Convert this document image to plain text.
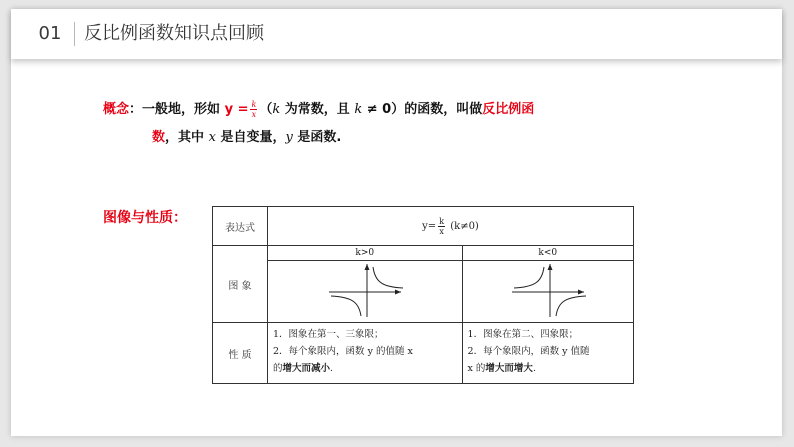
01	反比例函数知识点回顾
概念：一般地，形如 $y = \frac{k}{x} (k$ 为常数，且 k ≠ 0）的函数，叫做反比例函
数，其中 x 是自变量，y 是函数.
图像与性质：
表达式	$y= \frac{k}{x} (k\ne 0)$	
图 象	k>0	k<0

性 质	1．图象在第一、三象限；
2．每个象限内，函数 y 的值随 x
的增大而减小.	1．图象在第二、四象限；
2．每个象限内，函数 y 值随
x 的增大而增大.
